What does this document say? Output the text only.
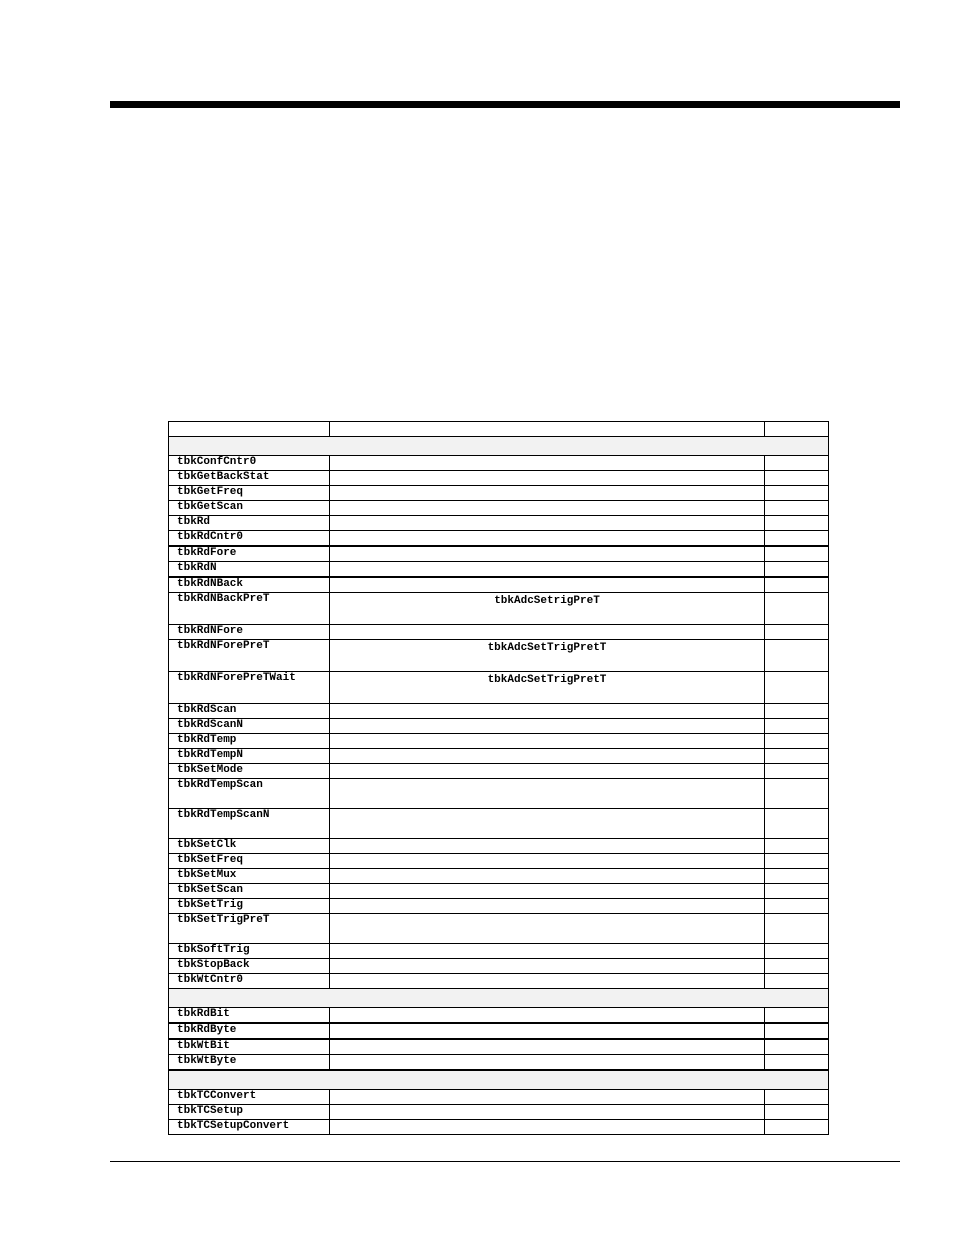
tbkConfCntr0		
tbkGetBackStat		
tbkGetFreq		
tbkGetScan		
tbkRd		
tbkRdCntr0		
tbkRdFore		
tbkRdN		
tbkRdNBack		
tbkRdNBackPreT	tbkAdcSetrigPreT	
tbkRdNFore		
tbkRdNForePreT	tbkAdcSetTrigPretT	
tbkRdNForePreTWait	tbkAdcSetTrigPretT	
tbkRdScan		
tbkRdScanN		
tbkRdTemp		
tbkRdTempN		
tbkSetMode		
tbkRdTempScan		
tbkRdTempScanN		
tbkSetClk		
tbkSetFreq		
tbkSetMux		
tbkSetScan		
tbkSetTrig		
tbkSetTrigPreT		
tbkSoftTrig		
tbkStopBack		
tbkWtCntr0		

tbkRdBit		
tbkRdByte		
tbkWtBit		
tbkWtByte		

tbkTCConvert		
tbkTCSetup		
tbkTCSetupConvert		
